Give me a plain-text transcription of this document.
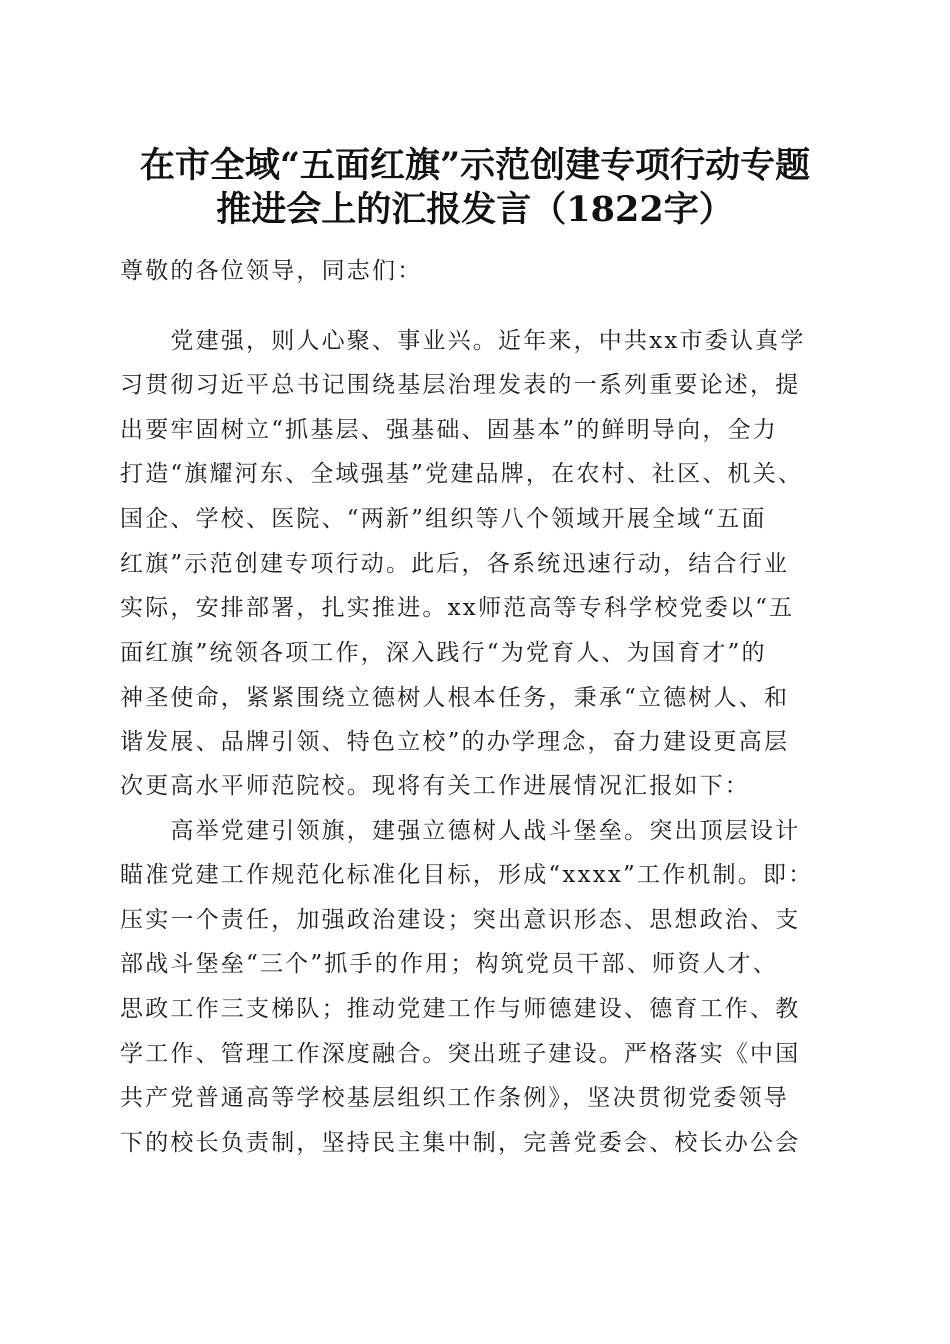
在市全域“五面红旗”示范创建专项行动专题
推进会上的汇报发言（1822字）
尊敬的各位领导，同志们：
　　党建强，则人心聚、事业兴。近年来，中共xx市委认真学
习贯彻习近平总书记围绕基层治理发表的一系列重要论述，提
出要牢固树立“抓基层、强基础、固基本”的鲜明导向，全力
打造“旗耀河东、全域强基”党建品牌，在农村、社区、机关、
国企、学校、医院、“两新”组织等八个领域开展全域“五面
红旗”示范创建专项行动。此后，各系统迅速行动，结合行业
实际，安排部署，扎实推进。xx师范高等专科学校党委以“五
面红旗”统领各项工作，深入践行“为党育人、为国育才”的
神圣使命，紧紧围绕立德树人根本任务，秉承“立德树人、和
谐发展、品牌引领、特色立校”的办学理念，奋力建设更高层
次更高水平师范院校。现将有关工作进展情况汇报如下：
　　高举党建引领旗，建强立德树人战斗堡垒。突出顶层设计
瞄准党建工作规范化标准化目标，形成“xxxx”工作机制。即：
压实一个责任，加强政治建设；突出意识形态、思想政治、支
部战斗堡垒“三个”抓手的作用；构筑党员干部、师资人才、
思政工作三支梯队；推动党建工作与师德建设、德育工作、教
学工作、管理工作深度融合。突出班子建设。严格落实《中国
共产党普通高等学校基层组织工作条例》，坚决贯彻党委领导
下的校长负责制，坚持民主集中制，完善党委会、校长办公会
